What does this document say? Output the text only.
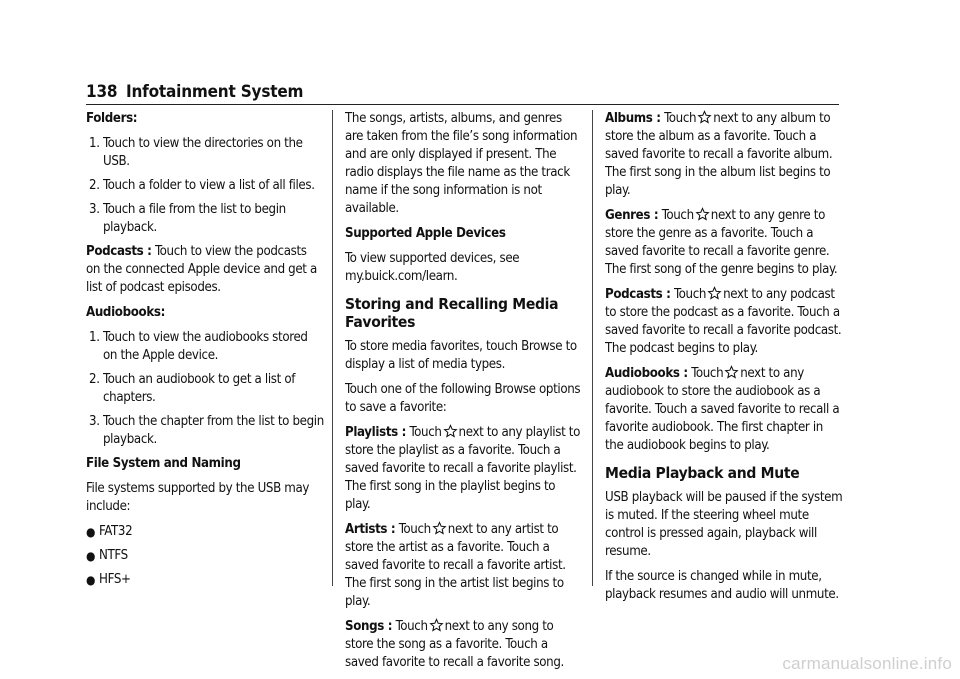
138 Infotainment System

Folders:

1. Touch to view the directories on the USB.
2. Touch a folder to view a list of all files.
3. Touch a file from the list to begin playback.

Podcasts : Touch to view the podcasts on the connected Apple device and get a list of podcast episodes.

Audiobooks:

1. Touch to view the audiobooks stored on the Apple device.
2. Touch an audiobook to get a list of chapters.
3. Touch the chapter from the list to begin playback.

File System and Naming

File systems supported by the USB may include:

● FAT32
● NTFS
● HFS+

The songs, artists, albums, and genres are taken from the file’s song information and are only displayed if present. The radio displays the file name as the track name if the song information is not available.

Supported Apple Devices

To view supported devices, see my.buick.com/learn.

Storing and Recalling Media Favorites

To store media favorites, touch Browse to display a list of media types.

Touch one of the following Browse options to save a favorite:

Playlists : Touch next to any playlist to store the playlist as a favorite. Touch a saved favorite to recall a favorite playlist. The first song in the playlist begins to play.

Artists : Touch next to any artist to store the artist as a favorite. Touch a saved favorite to recall a favorite artist. The first song in the artist list begins to play.

Songs : Touch next to any song to store the song as a favorite. Touch a saved favorite to recall a favorite song.

Albums : Touch next to any album to store the album as a favorite. Touch a saved favorite to recall a favorite album. The first song in the album list begins to play.

Genres : Touch next to any genre to store the genre as a favorite. Touch a saved favorite to recall a favorite genre. The first song of the genre begins to play.

Podcasts : Touch next to any podcast to store the podcast as a favorite. Touch a saved favorite to recall a favorite podcast. The podcast begins to play.

Audiobooks : Touch next to any audiobook to store the audiobook as a favorite. Touch a saved favorite to recall a favorite audiobook. The first chapter in the audiobook begins to play.

Media Playback and Mute

USB playback will be paused if the system is muted. If the steering wheel mute control is pressed again, playback will resume.

If the source is changed while in mute, playback resumes and audio will unmute.

carmanualsonline.info
